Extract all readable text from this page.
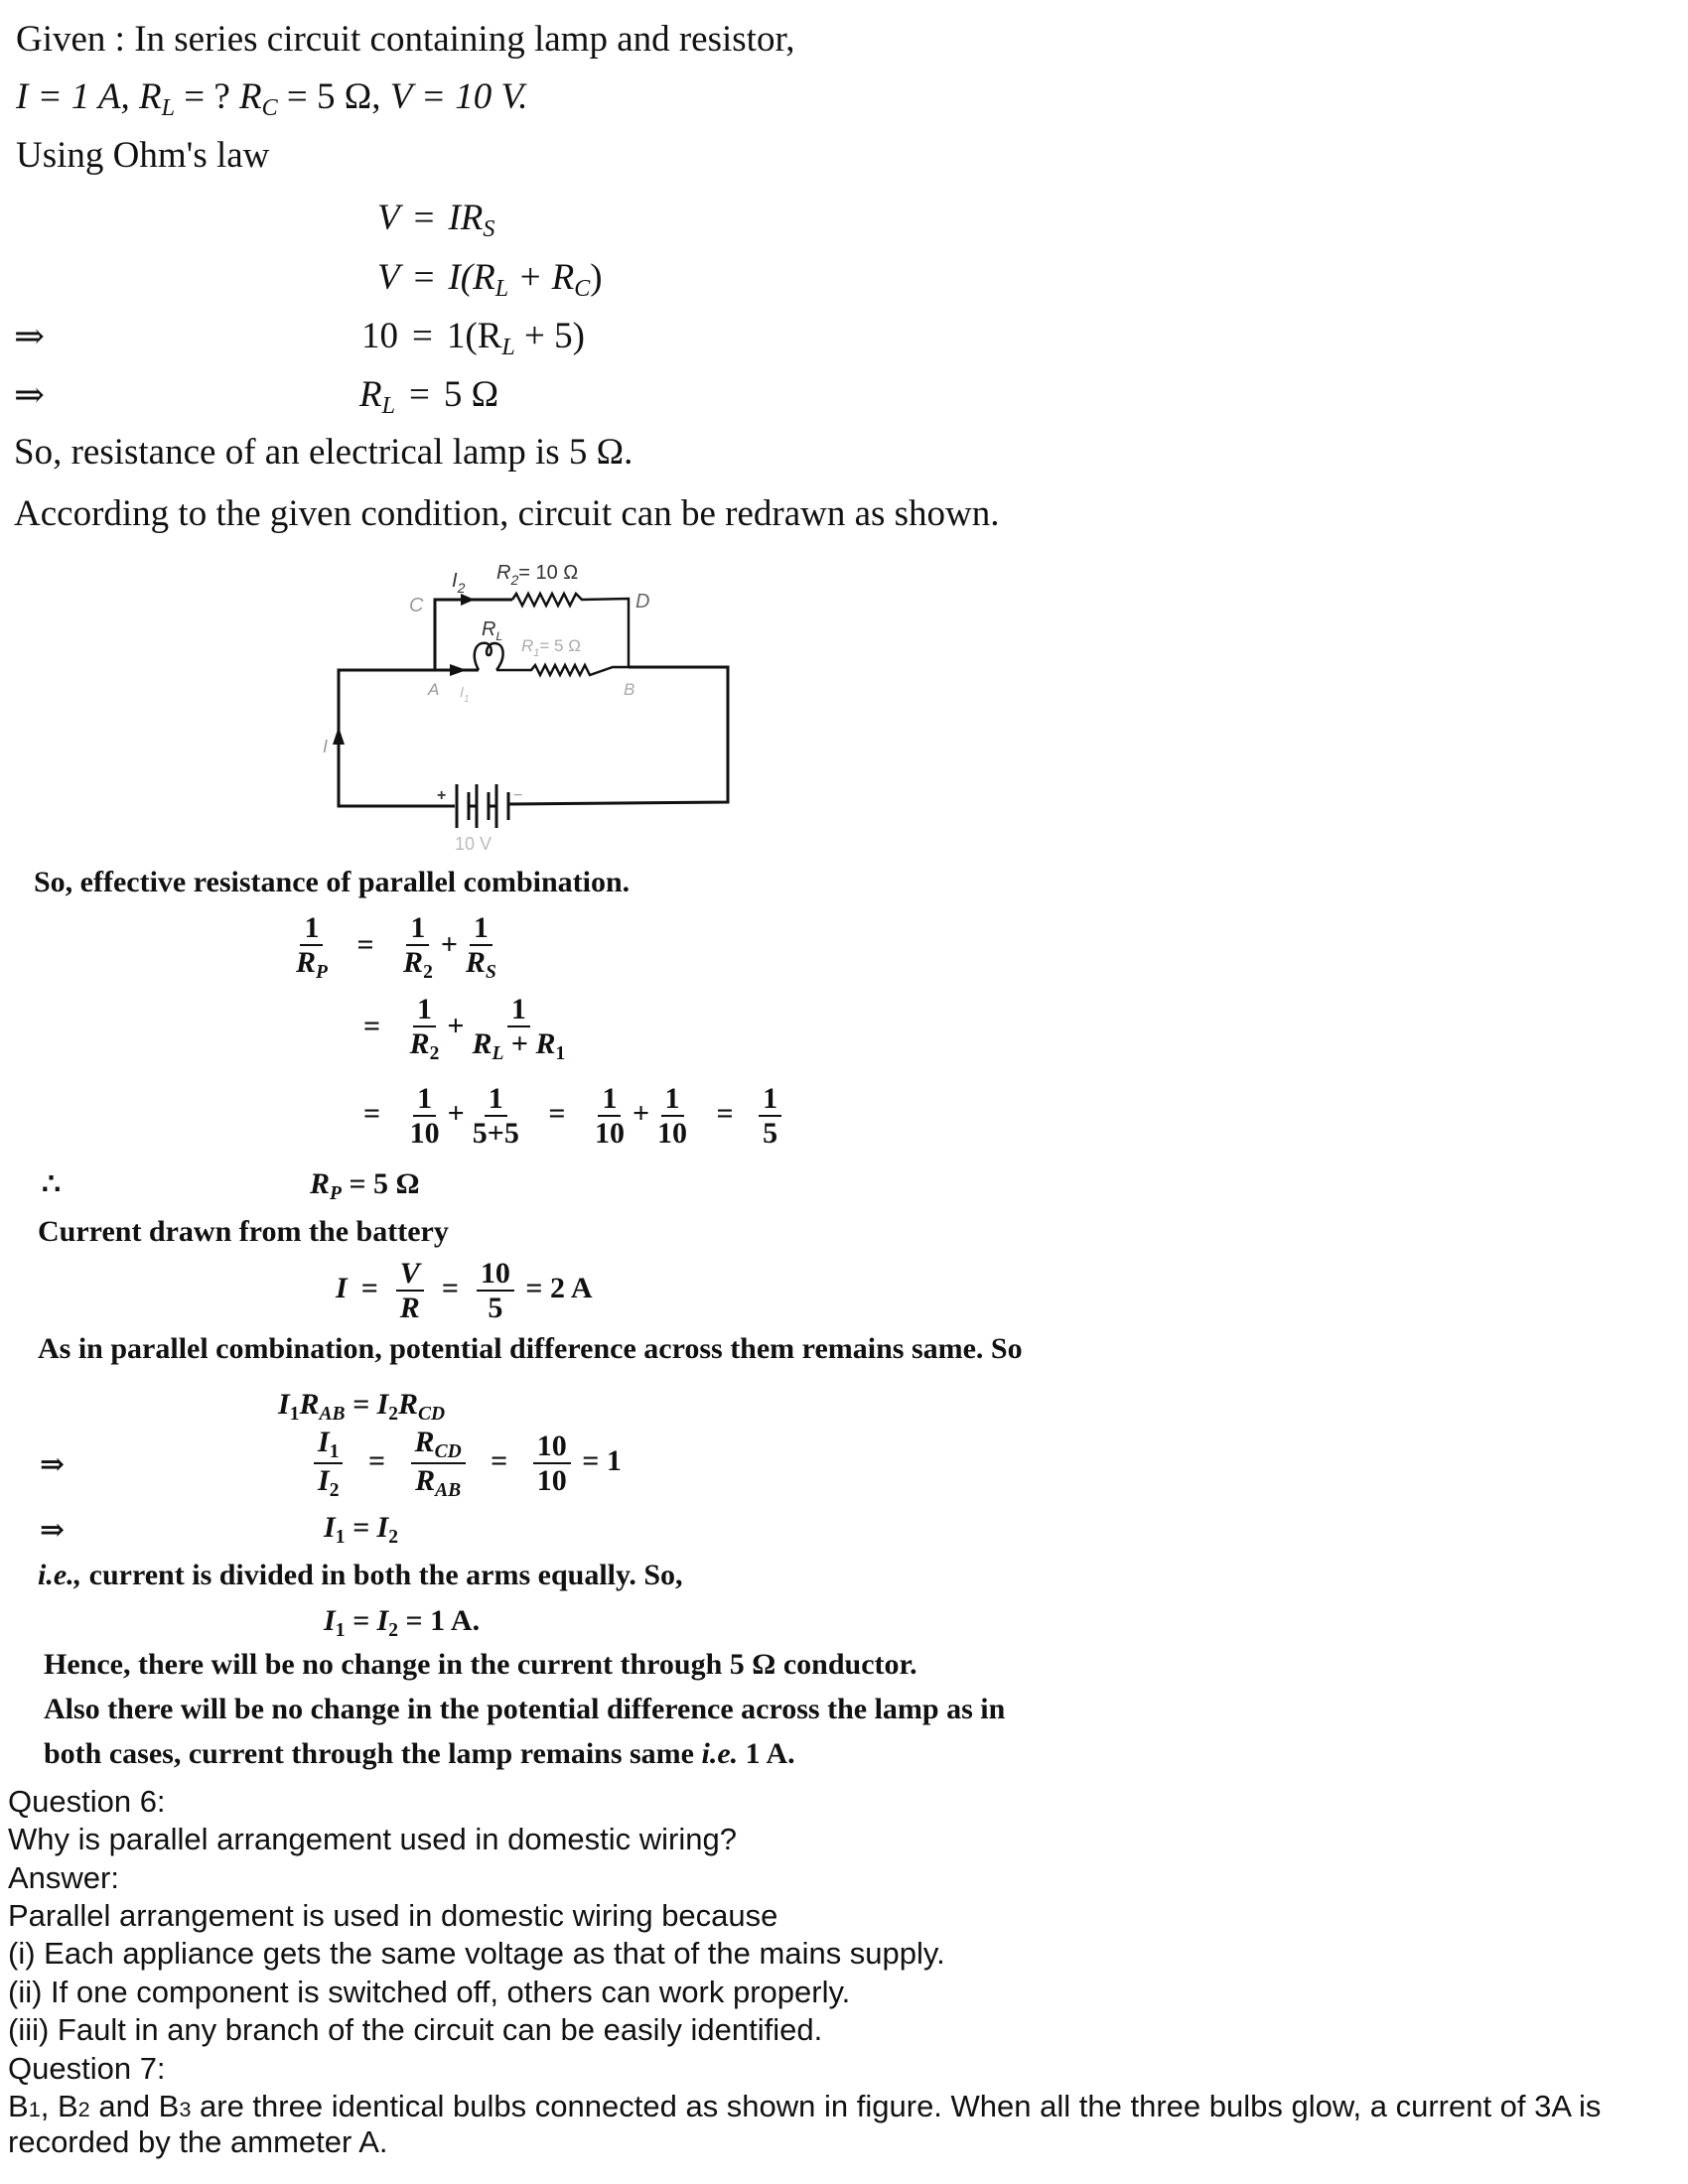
Given : In series circuit containing lamp and resistor,
I = 1 A, $R_L$ = ? $R_C = 5$ Ω, V = 10 V.
Using Ohm's law
$V = IR_S$
$V = I(R_L + R_C)$
⇒	$10 = 1(R_L + 5)$
⇒	$R_L = 5$ Ω
So, resistance of an electrical lamp is 5 Ω.
According to the given condition, circuit can be redrawn as shown.
$I_2$
$R_2= 10$ Ω
C	D
$R_L$ $R_1= 5$ Ω
A $I_1$
B
I
+	−
10 V
So, effective resistance of parallel combination.
$\frac{1}{R_P} = \frac{1}{R_2} + \frac{1}{R_S}$
= $\frac{1}{R_2} + \frac{1}{R_L + R_1}$
= $\frac{1}{10} + \frac{1}{5+5} = \frac{1}{10} + \frac{1}{10} = \frac{1}{5}$
∴	$R_P = 5$ Ω
Current drawn from the battery
$I = \frac{V}{R} = \frac{10}{5} = 2$ A
As in parallel combination, potential difference across them remains same. So
$I_1R_{AB} = I_2R_{CD}$
⇒	$\frac{I_1}{I_2} = \frac{R_{CD}}{R_{AB}} = \frac{10}{10} = 1$
⇒	$I_1 = I_2$
i.e., current is divided in both the arms equally. So,
$I_1 = I_2 = 1$ A.
Hence, there will be no change in the current through 5 Ω conductor.
Also there will be no change in the potential difference across the lamp as in
both cases, current through the lamp remains same i.e. 1 A.
Question 6:
Why is parallel arrangement used in domestic wiring?
Answer:
Parallel arrangement is used in domestic wiring because
(i) Each appliance gets the same voltage as that of the mains supply.
(ii) If one component is switched off, others can work properly.
(iii) Fault in any branch of the circuit can be easily identified.
Question 7:
B1, B2 and B3 are three identical bulbs connected as shown in figure. When all the three bulbs glow, a current of 3A is
recorded by the ammeter A.
